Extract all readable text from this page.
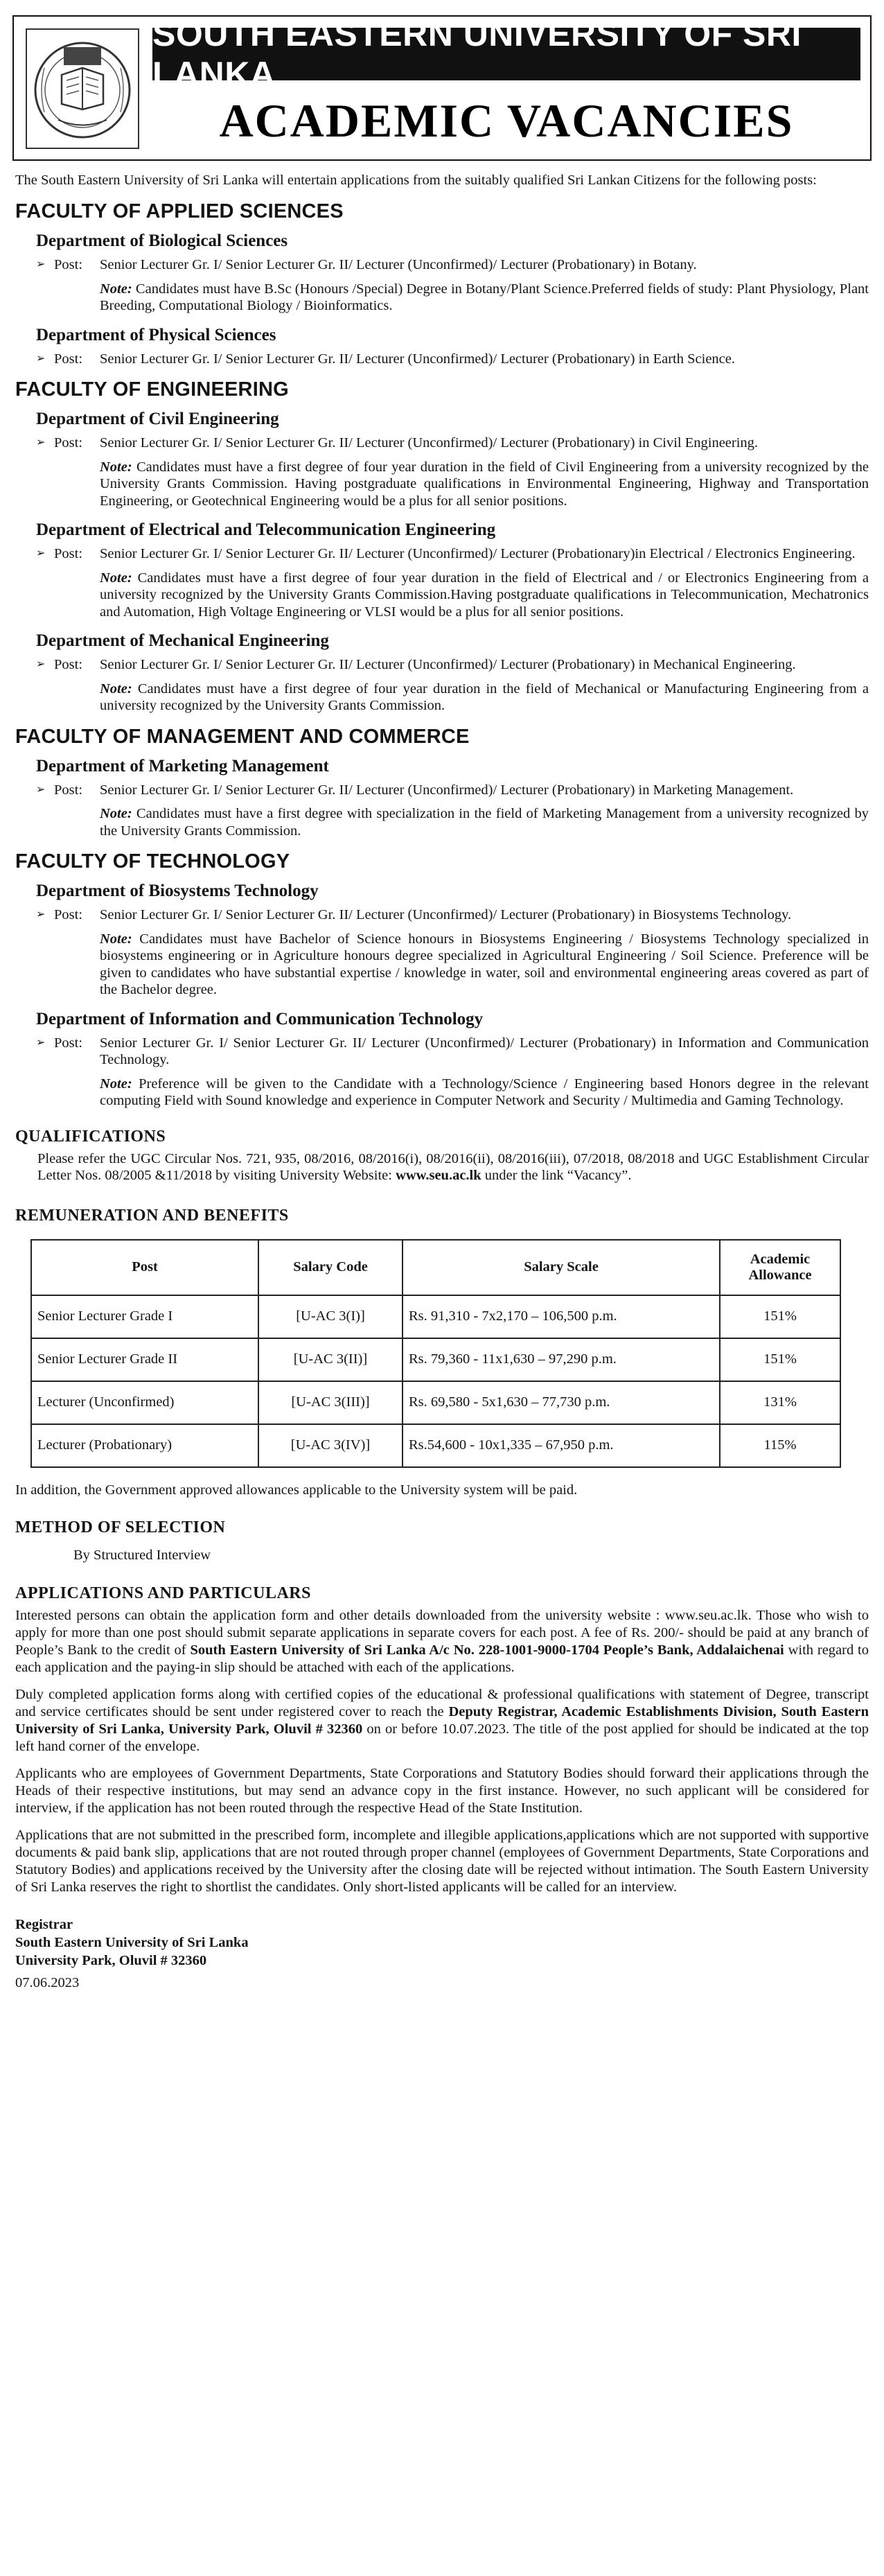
SOUTH EASTERN UNIVERSITY OF SRI LANKA
ACADEMIC VACANCIES

The South Eastern University of Sri Lanka will entertain applications from the suitably qualified Sri Lankan Citizens for the following posts:

FACULTY OF APPLIED SCIENCES
Department of Biological Sciences
➢ Post: Senior Lecturer Gr. I/ Senior Lecturer Gr. II/ Lecturer (Unconfirmed)/ Lecturer (Probationary) in Botany.
Note: Candidates must have B.Sc (Honours /Special) Degree in Botany/Plant Science.Preferred fields of study: Plant Physiology, Plant Breeding, Computational Biology / Bioinformatics.
Department of Physical Sciences
➢ Post: Senior Lecturer Gr. I/ Senior Lecturer Gr. II/ Lecturer (Unconfirmed)/ Lecturer (Probationary) in Earth Science.
FACULTY OF ENGINEERING
Department of Civil Engineering
➢ Post: Senior Lecturer Gr. I/ Senior Lecturer Gr. II/ Lecturer (Unconfirmed)/ Lecturer (Probationary) in Civil Engineering.
Note: Candidates must have a first degree of four year duration in the field of Civil Engineering from a university recognized by the University Grants Commission. Having postgraduate qualifications in Environmental Engineering, Highway and Transportation Engineering, or Geotechnical Engineering would be a plus for all senior positions.
Department of Electrical and Telecommunication Engineering
➢ Post: Senior Lecturer Gr. I/ Senior Lecturer Gr. II/ Lecturer (Unconfirmed)/ Lecturer (Probationary)in Electrical / Electronics Engineering.
Note: Candidates must have a first degree of four year duration in the field of Electrical and / or Electronics Engineering from a university recognized by the University Grants Commission.Having postgraduate qualifications in Telecommunication, Mechatronics and Automation, High Voltage Engineering or VLSI would be a plus for all senior positions.
Department of Mechanical Engineering
➢ Post: Senior Lecturer Gr. I/ Senior Lecturer Gr. II/ Lecturer (Unconfirmed)/ Lecturer (Probationary) in Mechanical Engineering.
Note: Candidates must have a first degree of four year duration in the field of Mechanical or Manufacturing Engineering from a university recognized by the University Grants Commission.
FACULTY OF MANAGEMENT AND COMMERCE
Department of Marketing Management
➢ Post: Senior Lecturer Gr. I/ Senior Lecturer Gr. II/ Lecturer (Unconfirmed)/ Lecturer (Probationary) in Marketing Management.
Note: Candidates must have a first degree with specialization in the field of Marketing Management from a university recognized by the University Grants Commission.
FACULTY OF TECHNOLOGY
Department of Biosystems Technology
➢ Post: Senior Lecturer Gr. I/ Senior Lecturer Gr. II/ Lecturer (Unconfirmed)/ Lecturer (Probationary) in Biosystems Technology.
Note: Candidates must have Bachelor of Science honours in Biosystems Engineering / Biosystems Technology specialized in biosystems engineering or in Agriculture honours degree specialized in Agricultural Engineering / Soil Science. Preference will be given to candidates who have substantial expertise / knowledge in water, soil and environmental engineering areas covered as part of the Bachelor degree.
Department of Information and Communication Technology
➢ Post: Senior Lecturer Gr. I/ Senior Lecturer Gr. II/ Lecturer (Unconfirmed)/ Lecturer (Probationary) in Information and Communication Technology.
Note: Preference will be given to the Candidate with a Technology/Science / Engineering based Honors degree in the relevant computing Field with Sound knowledge and experience in Computer Network and Security / Multimedia and Gaming Technology.
QUALIFICATIONS

Please refer the UGC Circular Nos. 721, 935, 08/2016, 08/2016(i), 08/2016(ii), 08/2016(iii), 07/2018, 08/2018 and UGC Establishment Circular Letter Nos. 08/2005 &11/2018 by visiting University Website: www.seu.ac.lk under the link “Vacancy”.

REMUNERATION AND BENEFITS
Post	Salary Code	Salary Scale	Academic Allowance
Senior Lecturer Grade I	[U-AC 3(I)]	Rs. 91,310 - 7x2,170 – 106,500 p.m.	151%
Senior Lecturer Grade II	[U-AC 3(II)]	Rs. 79,360 - 11x1,630 – 97,290 p.m.	151%
Lecturer (Unconfirmed)	[U-AC 3(III)]	Rs. 69,580 - 5x1,630 – 77,730 p.m.	131%
Lecturer (Probationary)	[U-AC 3(IV)]	Rs.54,600 - 10x1,335 – 67,950 p.m.	115%

In addition, the Government approved allowances applicable to the University system will be paid.

METHOD OF SELECTION

By Structured Interview

APPLICATIONS AND PARTICULARS

Interested persons can obtain the application form and other details downloaded from the university website : www.seu.ac.lk. Those who wish to apply for more than one post should submit separate applications in separate covers for each post. A fee of Rs. 200/- should be paid at any branch of People’s Bank to the credit of South Eastern University of Sri Lanka A/c No. 228-1001-9000-1704 People’s Bank, Addalaichenai with regard to each application and the paying-in slip should be attached with each of the applications.

Duly completed application forms along with certified copies of the educational & professional qualifications with statement of Degree, transcript and service certificates should be sent under registered cover to reach the Deputy Registrar, Academic Establishments Division, South Eastern University of Sri Lanka, University Park, Oluvil # 32360 on or before 10.07.2023. The title of the post applied for should be indicated at the top left hand corner of the envelope.

Applicants who are employees of Government Departments, State Corporations and Statutory Bodies should forward their applications through the Heads of their respective institutions, but may send an advance copy in the first instance. However, no such applicant will be considered for interview, if the application has not been routed through the respective Head of the State Institution.

Applications that are not submitted in the prescribed form, incomplete and illegible applications,applications which are not supported with supportive documents & paid bank slip, applications that are not routed through proper channel (employees of Government Departments, State Corporations and Statutory Bodies) and applications received by the University after the closing date will be rejected without intimation. The South Eastern University of Sri Lanka reserves the right to shortlist the candidates. Only short-listed applicants will be called for an interview.

Registrar

South Eastern University of Sri Lanka

University Park, Oluvil # 32360

07.06.2023
